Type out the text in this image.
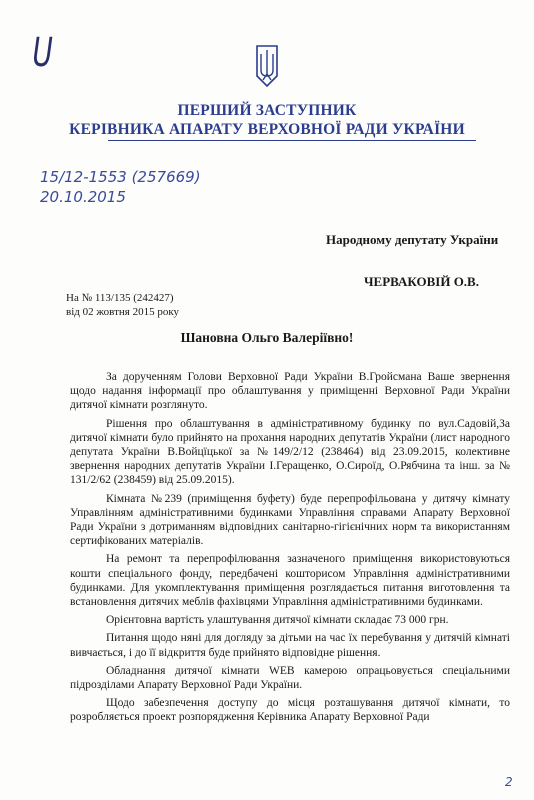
U
ПЕРШИЙ ЗАСТУПНИК
КЕРІВНИКА АПАРАТУ ВЕРХОВНОЇ РАДИ УКРАЇНИ
15/12-1553 (257669)
20.10.2015
Народному депутату України
ЧЕРВАКОВІЙ О.В.
На № 113/135 (242427)
від 02 жовтня 2015 року
Шановна Ольго Валеріївно!

За дорученням Голови Верховної Ради України В.Гройсмана Ваше звернення щодо надання інформації про облаштування у приміщенні Верховної Ради України дитячої кімнати розглянуто.

Рішення про облаштування в адміністративному будинку по вул.Садовій,За дитячої кімнати було прийнято на прохання народних депутатів України (лист народного депутата України В.Войцїцької за №149/2/12 (238464) від 23.09.2015, колективне звернення народних депутатів України І.Геращенко, О.Сироїд, О.Рябчина та інш. за № 131/2/62 (238459) від 25.09.2015).

Кімната №239 (приміщення буфету) буде перепрофільована у дитячу кімнату Управлінням адміністративними будинками Управління справами Апарату Верховної Ради України з дотриманням відповідних санітарно-гігієнічних норм та використанням сертифікованих матеріалів.

На ремонт та перепрофілювання зазначеного приміщення використовуються кошти спеціального фонду, передбачені кошторисом Управління адміністративними будинками. Для укомплектування приміщення розглядається питання виготовлення та встановлення дитячих меблів фахівцями Управління адміністративними будинками.

Орієнтовна вартість улаштування дитячої кімнати складає 73 000 грн.

Питання щодо няні для догляду за дітьми на час їх перебування у дитячій кімнаті вивчається, і до її відкриття буде прийнято відповідне рішення.

Обладнання дитячої кімнати WEB камерою опрацьовується спеціальними підрозділами Апарату Верховної Ради України.

Щодо забезпечення доступу до місця розташування дитячої кімнати, то розробляється проект розпорядження Керівника Апарату Верховної Ради

2
